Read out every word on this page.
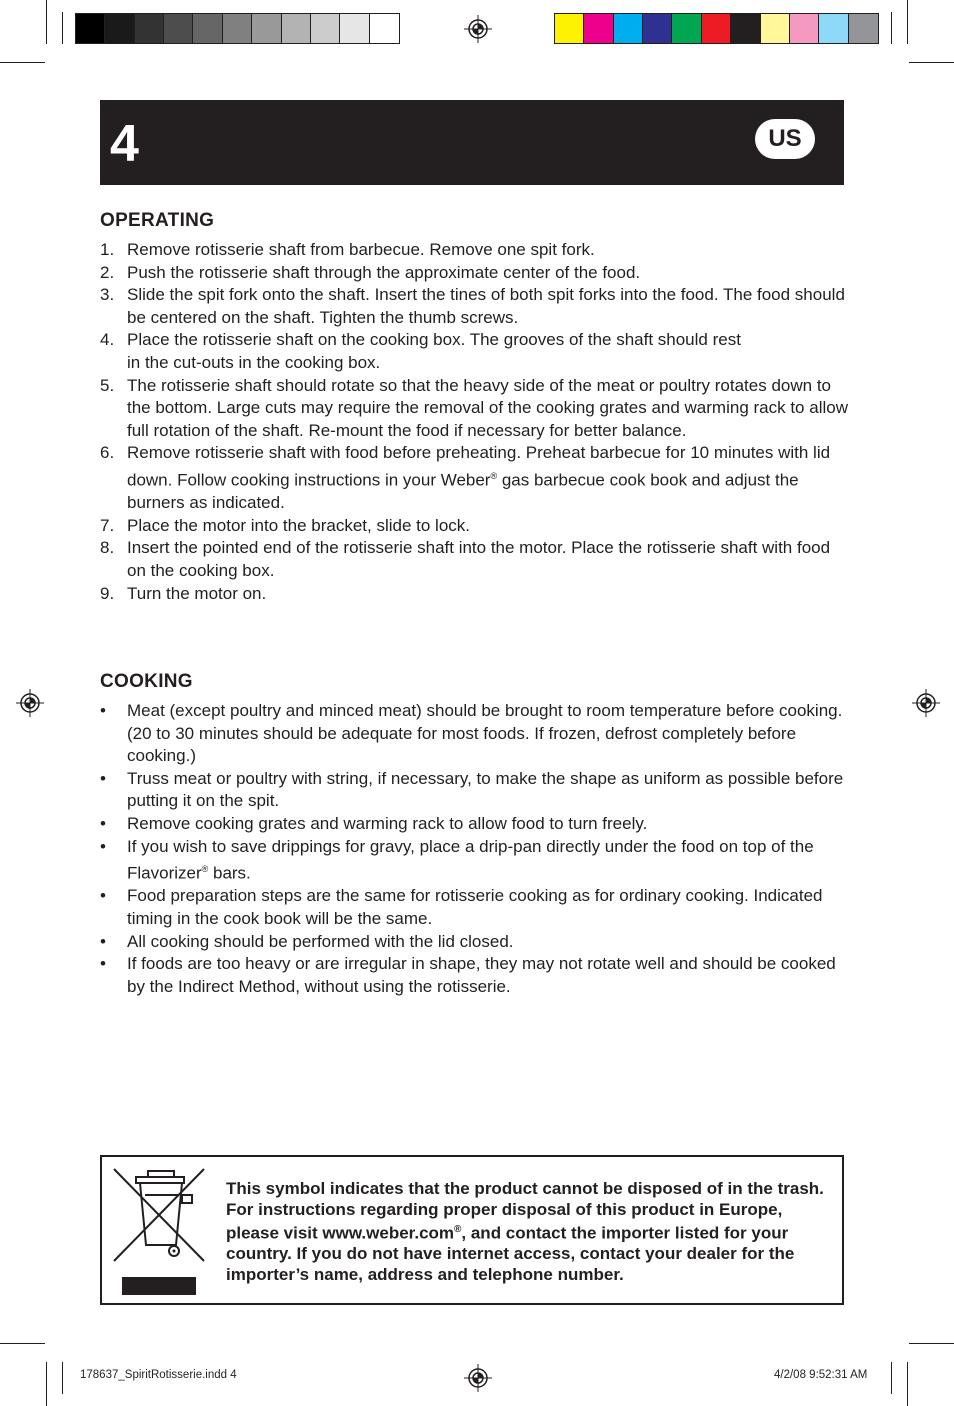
4	US
OPERATING
1. Remove rotisserie shaft from barbecue. Remove one spit fork.
2. Push the rotisserie shaft through the approximate center of the food.
3. Slide the spit fork onto the shaft. Insert the tines of both spit forks into the food. The food should be centered on the shaft. Tighten the thumb screws.
4. Place the rotisserie shaft on the cooking box. The grooves of the shaft should rest
in the cut-outs in the cooking box.
5. The rotisserie shaft should rotate so that the heavy side of the meat or poultry rotates down to the bottom. Large cuts may require the removal of the cooking grates and warming rack to allow full rotation of the shaft. Re-mount the food if necessary for better balance.
6. Remove rotisserie shaft with food before preheating. Preheat barbecue for 10 minutes with lid down. Follow cooking instructions in your Weber® gas barbecue cook book and adjust the burners as indicated.
7. Place the motor into the bracket, slide to lock.
8. Insert the pointed end of the rotisserie shaft into the motor. Place the rotisserie shaft with food on the cooking box.
9. Turn the motor on.
COOKING
• Meat (except poultry and minced meat) should be brought to room temperature before cooking. (20 to 30 minutes should be adequate for most foods. If frozen, defrost completely before cooking.)
• Truss meat or poultry with string, if necessary, to make the shape as uniform as possible before putting it on the spit.
• Remove cooking grates and warming rack to allow food to turn freely.
• If you wish to save drippings for gravy, place a drip-pan directly under the food on top of the Flavorizer® bars.
• Food preparation steps are the same for rotisserie cooking as for ordinary cooking. Indicated timing in the cook book will be the same.
• All cooking should be performed with the lid closed.
• If foods are too heavy or are irregular in shape, they may not rotate well and should be cooked by the Indirect Method, without using the rotisserie.
This symbol indicates that the product cannot be disposed of in the trash. For instructions regarding proper disposal of this product in Europe, please visit www.weber.com®, and contact the importer listed for your country. If you do not have internet access, contact your dealer for the importer’s name, address and telephone number.
178637_SpiritRotisserie.indd 4	4/2/08 9:52:31 AM
